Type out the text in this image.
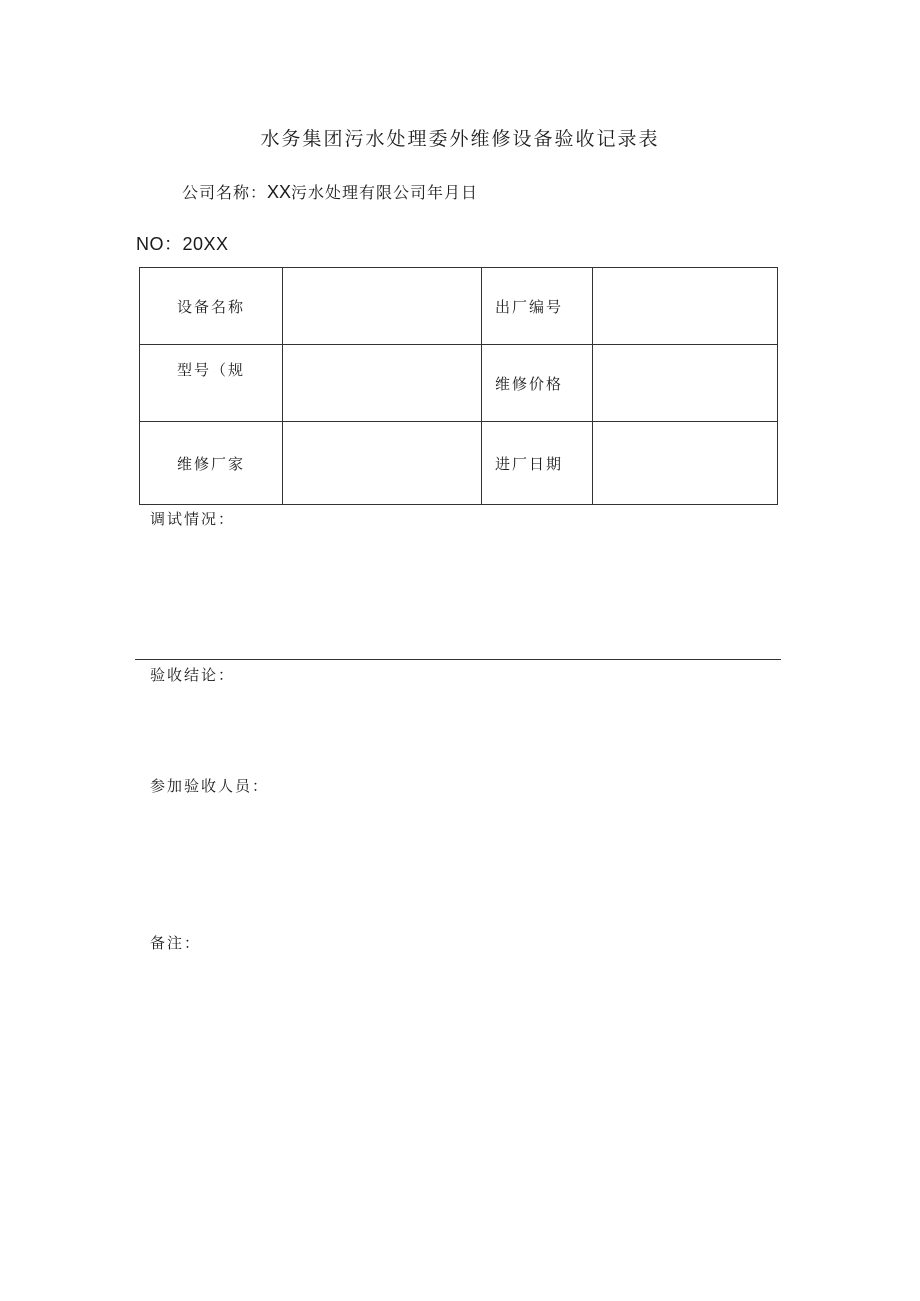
水务集团污水处理委外维修设备验收记录表
公司名称：XX污水处理有限公司年月日
NO：20XX
设备名称		出厂编号	
型号（规		维修价格	
维修厂家		进厂日期	
调试情况：
验收结论：
参加验收人员：
备注：
